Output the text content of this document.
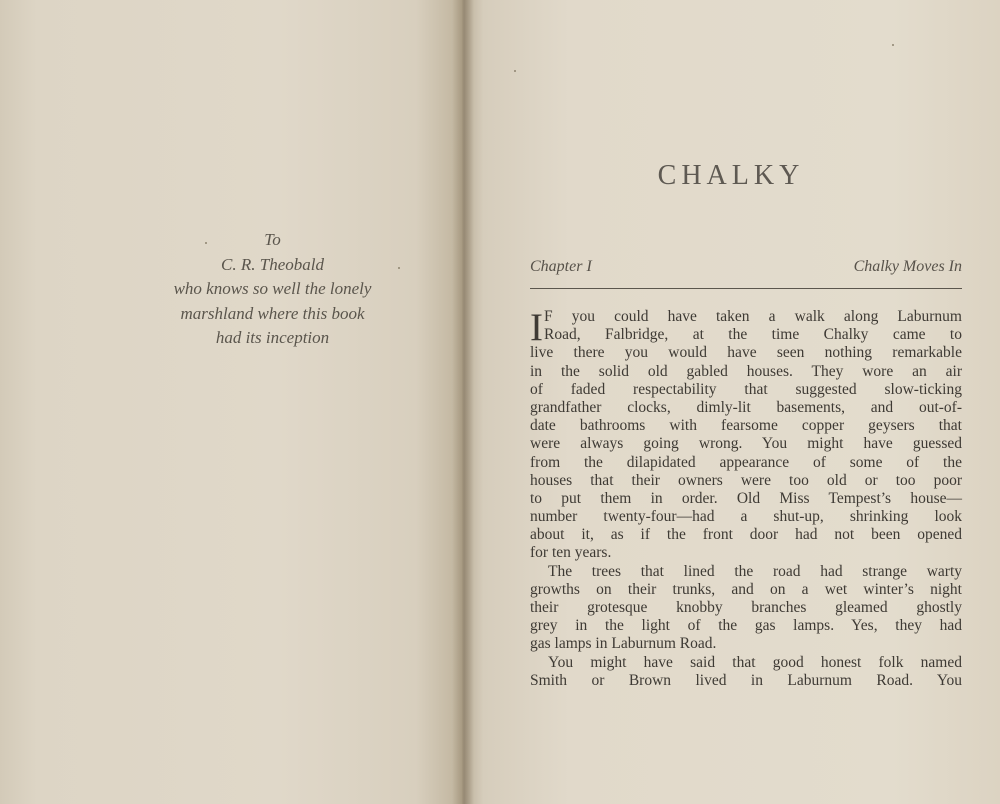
To
C. R. Theobald
who knows so well the lonely
marshland where this book
had its inception
CHALKY
Chapter I	Chalky Moves In
I F you could have taken a walk along Laburnum
Road, Falbridge, at the time Chalky came to
live there you would have seen nothing remarkable
in the solid old gabled houses. They wore an air
of faded respectability that suggested slow-ticking
grandfather clocks, dimly-lit basements, and out-of-
date bathrooms with fearsome copper geysers that
were always going wrong. You might have guessed
from the dilapidated appearance of some of the
houses that their owners were too old or too poor
to put them in order. Old Miss Tempest’s house—
number twenty-four—had a shut-up, shrinking look
about it, as if the front door had not been opened
for ten years.
The trees that lined the road had strange warty
growths on their trunks, and on a wet winter’s night
their grotesque knobby branches gleamed ghostly
grey in the light of the gas lamps. Yes, they had
gas lamps in Laburnum Road.
You might have said that good honest folk named
Smith or Brown lived in Laburnum Road. You
